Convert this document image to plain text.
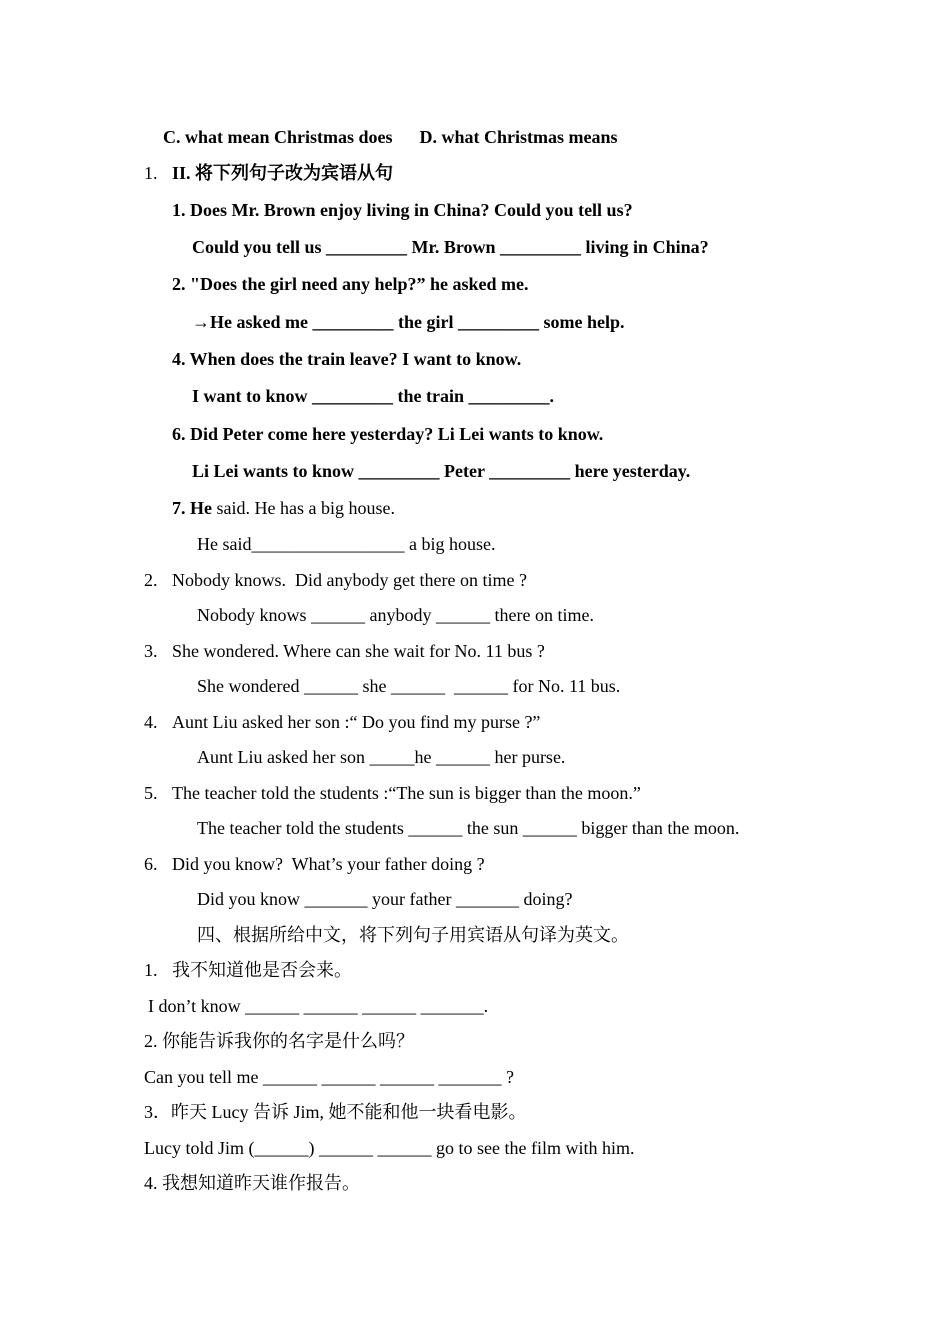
C. what mean Christmas does      D. what Christmas means
1. II. 将下列句子改为宾语从句
1. Does Mr. Brown enjoy living in China? Could you tell us?
Could you tell us _________ Mr. Brown _________ living in China?
2. "Does the girl need any help?” he asked me.
→He asked me _________ the girl _________ some help.
4. When does the train leave? I want to know.
I want to know _________ the train _________.
6. Did Peter come here yesterday? Li Lei wants to know.
Li Lei wants to know _________ Peter _________ here yesterday.
7. He said. He has a big house.
He said_________________ a big house.
2. Nobody knows.  Did anybody get there on time ?
Nobody knows ______ anybody ______ there on time.
3. She wondered. Where can she wait for No. 11 bus ?
She wondered ______ she ______  ______ for No. 11 bus.
4. Aunt Liu asked her son :“ Do you find my purse ?”
Aunt Liu asked her son _____he ______ her purse.
5. The teacher told the students :“The sun is bigger than the moon.”
The teacher told the students ______ the sun ______ bigger than the moon.
6. Did you know?  What’s your father doing ?
Did you know _______ your father _______ doing?
四、根据所给中文，将下列句子用宾语从句译为英文。
1. 我不知道他是否会来。
I don’t know ______ ______ ______ _______.
2. 你能告诉我你的名字是什么吗？
Can you tell me ______ ______ ______ _______ ?
3．昨天 Lucy 告诉 Jim, 她不能和他一块看电影。
Lucy told Jim (______) ______ ______ go to see the film with him.
4. 我想知道昨天谁作报告。
